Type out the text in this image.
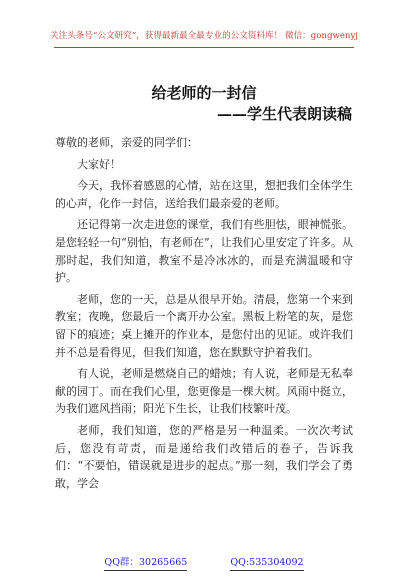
关注头条号“公文研究”，获得最新最全最专业的公文资料库！ 微信：gongwenyj
给老师的一封信
——学生代表朗读稿

尊敬的老师，亲爱的同学们：

大家好！

今天，我怀着感恩的心情，站在这里，想把我们全体学生的心声，化作一封信，送给我们最亲爱的老师。

还记得第一次走进您的课堂，我们有些胆怯，眼神慌张。是您轻轻一句“别怕，有老师在”，让我们心里安定了许多。从那时起，我们知道，教室不是冷冰冰的，而是充满温暖和守护。

老师，您的一天，总是从很早开始。清晨，您第一个来到教室；夜晚，您最后一个离开办公室。黑板上粉笔的灰，是您留下的痕迹；桌上摊开的作业本，是您付出的见证。或许我们并不总是看得见，但我们知道，您在默默守护着我们。

有人说，老师是燃烧自己的蜡烛；有人说，老师是无私奉献的园丁。而在我们心里，您更像是一棵大树。风雨中挺立，为我们遮风挡雨；阳光下生长，让我们枝繁叶茂。

老师，我们知道，您的严格是另一种温柔。一次次考试后，您没有苛责，而是递给我们改错后的卷子，告诉我们：“不要怕，错误就是进步的起点。”那一刻，我们学会了勇敢，学会

QQ群：30265665	QQ:535304092
